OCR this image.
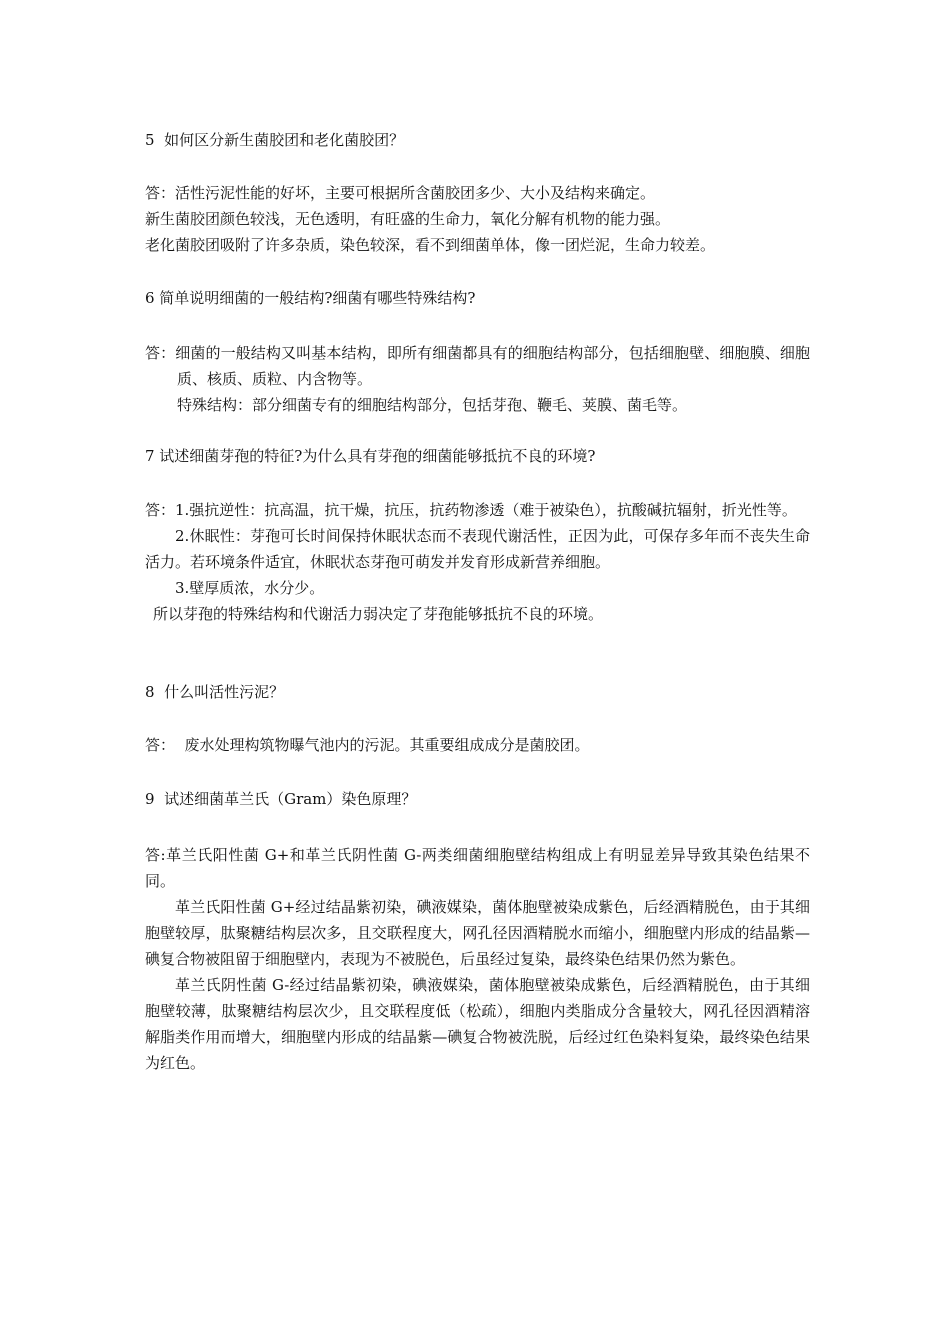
5  如何区分新生菌胶团和老化菌胶团？

答：活性污泥性能的好坏，主要可根据所含菌胶团多少、大小及结构来确定。

新生菌胶团颜色较浅，无色透明，有旺盛的生命力，氧化分解有机物的能力强。

老化菌胶团吸附了许多杂质，染色较深，看不到细菌单体，像一团烂泥，生命力较差。

6 简单说明细菌的一般结构?细菌有哪些特殊结构?

答：细菌的一般结构又叫基本结构，即所有细菌都具有的细胞结构部分，包括细胞壁、细胞膜、细胞质、核质、质粒、内含物等。

特殊结构：部分细菌专有的细胞结构部分，包括芽孢、鞭毛、荚膜、菌毛等。

7 试述细菌芽孢的特征?为什么具有芽孢的细菌能够抵抗不良的环境?

答：1.强抗逆性：抗高温，抗干燥，抗压，抗药物渗透（难于被染色），抗酸碱抗辐射，折光性等。

2.休眠性：芽孢可长时间保持休眠状态而不表现代谢活性，正因为此，可保存多年而不丧失生命活力。若环境条件适宜，休眠状态芽孢可萌发并发育形成新营养细胞。

3.壁厚质浓，水分少。

所以芽孢的特殊结构和代谢活力弱决定了芽孢能够抵抗不良的环境。

8  什么叫活性污泥？

答：  废水处理构筑物曝气池内的污泥。其重要组成成分是菌胶团。

9  试述细菌革兰氏（Gram）染色原理？

答:革兰氏阳性菌 G+和革兰氏阴性菌 G-两类细菌细胞壁结构组成上有明显差异导致其染色结果不同。

革兰氏阳性菌 G+经过结晶紫初染，碘液媒染，菌体胞壁被染成紫色，后经酒精脱色，由于其细胞壁较厚，肽聚糖结构层次多，且交联程度大，网孔径因酒精脱水而缩小，细胞壁内形成的结晶紫—碘复合物被阻留于细胞壁内，表现为不被脱色，后虽经过复染，最终染色结果仍然为紫色。

革兰氏阴性菌 G-经过结晶紫初染，碘液媒染，菌体胞壁被染成紫色，后经酒精脱色，由于其细胞壁较薄，肽聚糖结构层次少，且交联程度低（松疏），细胞内类脂成分含量较大，网孔径因酒精溶解脂类作用而增大，细胞壁内形成的结晶紫—碘复合物被洗脱，后经过红色染料复染，最终染色结果为红色。
